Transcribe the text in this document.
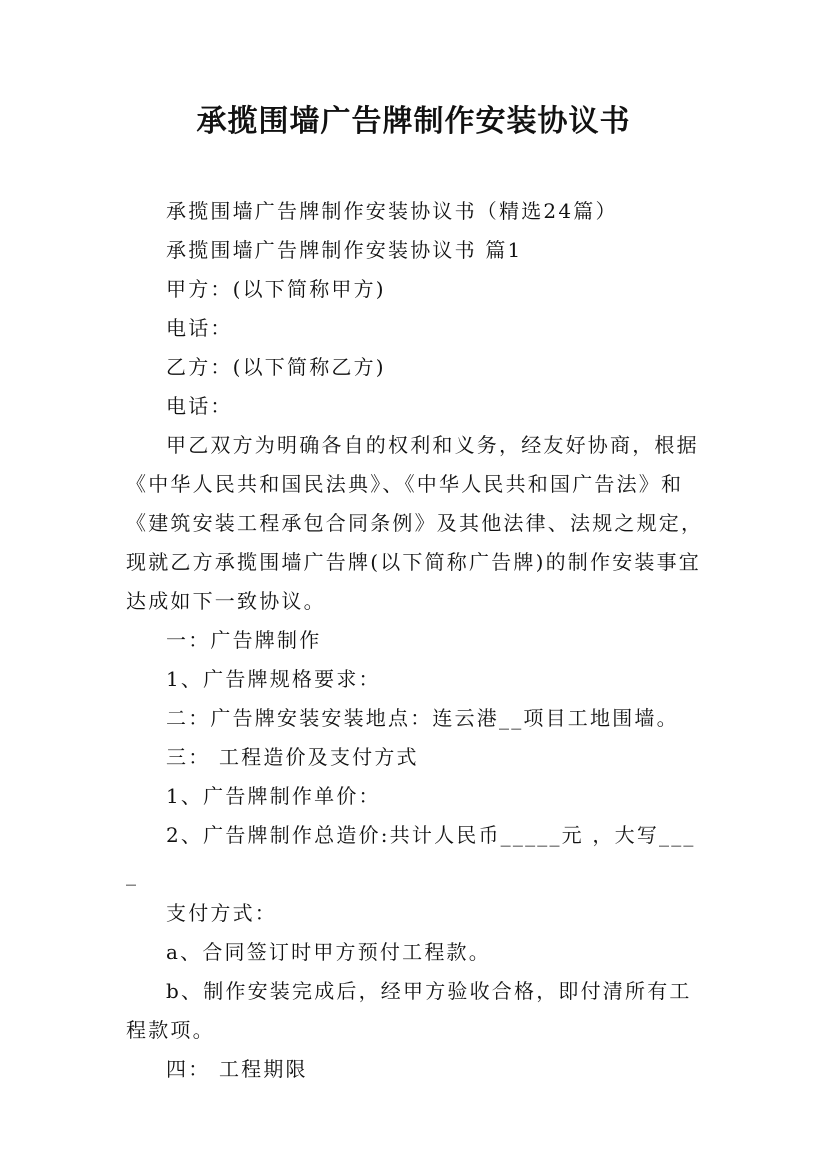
承揽围墙广告牌制作安装协议书

承揽围墙广告牌制作安装协议书（精选24篇）

承揽围墙广告牌制作安装协议书 篇1

甲方：(以下简称甲方)

电话：

乙方：(以下简称乙方)

电话：

甲乙双方为明确各自的权利和义务，经友好协商，根据《中华人民共和国民法典》、《中华人民共和国广告法》和《建筑安装工程承包合同条例》及其他法律、法规之规定，现就乙方承揽围墙广告牌(以下简称广告牌)的制作安装事宜达成如下一致协议。

一：广告牌制作

1、广告牌规格要求：

二：广告牌安装安装地点：连云港__项目工地围墙。

三： 工程造价及支付方式

1、广告牌制作单价：

2、广告牌制作总造价:共计人民币_____元 ，大写____

支付方式：

a、合同签订时甲方预付工程款。

b、制作安装完成后，经甲方验收合格，即付清所有工程款项。

四： 工程期限
